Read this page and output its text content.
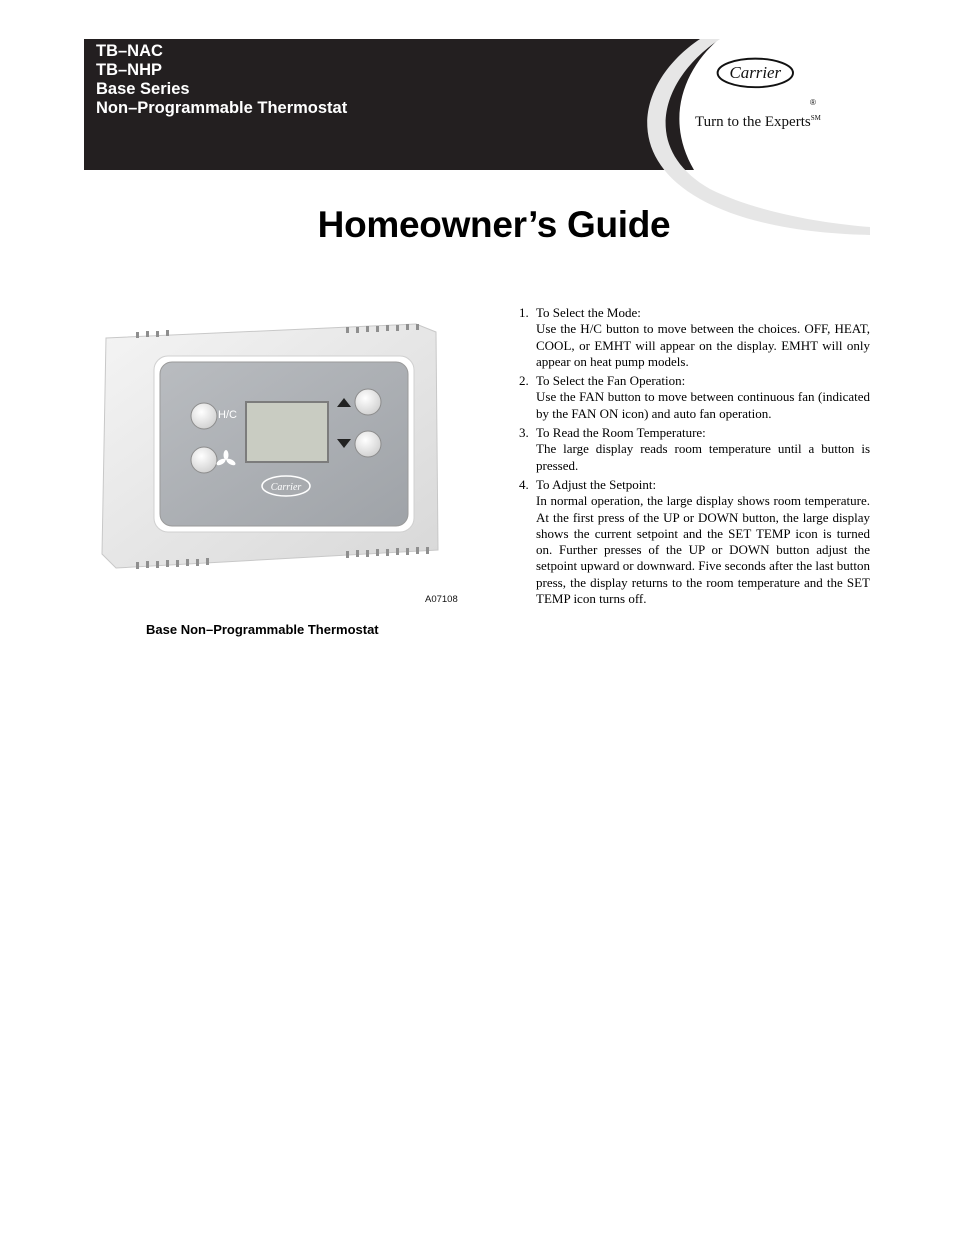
TB–NAC
TB–NHP
Base Series
Non–Programmable Thermostat
Carrier
®
Turn to the Experts℠
Homeowner’s Guide
H/C
Carrier
A07108
Base Non–Programmable Thermostat
1. To Select the Mode:
Use the H/C button to move between the choices. OFF, HEAT, COOL, or EMHT will appear on the display. EMHT will only appear on heat pump models.
2. To Select the Fan Operation:
Use the FAN button to move between continuous fan (indicated by the FAN ON icon) and auto fan operation.
3. To Read the Room Temperature:
The large display reads room temperature until a button is pressed.
4. To Adjust the Setpoint:
In normal operation, the large display shows room temperature. At the first press of the UP or DOWN button, the large display shows the current setpoint and the SET TEMP icon is turned on. Further presses of the UP or DOWN button adjust the setpoint upward or downward. Five seconds after the last button press, the display returns to the room temperature and the SET TEMP icon turns off.
